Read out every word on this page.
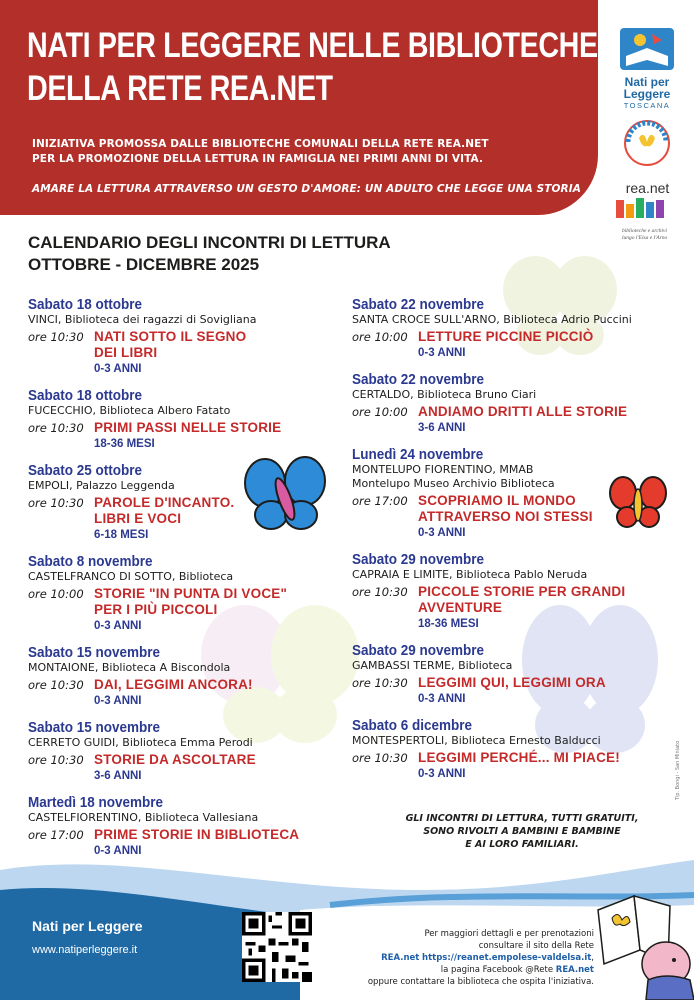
NATI PER LEGGERE NELLE BIBLIOTECHE
DELLA RETE REA.NET
INIZIATIVA PROMOSSA DALLE BIBLIOTECHE COMUNALI DELLA RETE REA.NET
PER LA PROMOZIONE DELLA LETTURA IN FAMIGLIA NEI PRIMI ANNI DI VITA.
AMARE LA LETTURA ATTRAVERSO UN GESTO D'AMORE: UN ADULTO CHE LEGGE UNA STORIA
Nati per
Leggere
TOSCANA
rea.net
biblioteche e archivi
lungo l'Elsa e l'Arno
CALENDARIO DEGLI INCONTRI DI LETTURA
OTTOBRE - DICEMBRE 2025
Sabato 18 ottobre
VINCI, Biblioteca dei ragazzi di Sovigliana
ore 10:30 NATI SOTTO IL SEGNO
DEI LIBRI
0-3 ANNI
Sabato 18 ottobre
FUCECCHIO, Biblioteca Albero Fatato
ore 10:30 PRIMI PASSI NELLE STORIE
18-36 MESI
Sabato 25 ottobre
EMPOLI, Palazzo Leggenda
ore 10:30 PAROLE D'INCANTO.
LIBRI E VOCI
6-18 MESI
Sabato 8 novembre
CASTELFRANCO DI SOTTO, Biblioteca
ore 10:00 STORIE "IN PUNTA DI VOCE"
PER I PIÙ PICCOLI
0-3 ANNI
Sabato 15 novembre
MONTAIONE, Biblioteca A Biscondola
ore 10:30 DAI, LEGGIMI ANCORA!
0-3 ANNI
Sabato 15 novembre
CERRETO GUIDI, Biblioteca Emma Perodi
ore 10:30 STORIE DA ASCOLTARE
3-6 ANNI
Martedì 18 novembre
CASTELFIORENTINO, Biblioteca Vallesiana
ore 17:00 PRIME STORIE IN BIBLIOTECA
0-3 ANNI
Sabato 22 novembre
SANTA CROCE SULL'ARNO, Biblioteca Adrio Puccini
ore 10:00 LETTURE PICCINE PICCIÒ
0-3 ANNI
Sabato 22 novembre
CERTALDO, Biblioteca Bruno Ciari
ore 10:00 ANDIAMO DRITTI ALLE STORIE
3-6 ANNI
Lunedì 24 novembre
MONTELUPO FIORENTINO, MMAB
Montelupo Museo Archivio Biblioteca
ore 17:00 SCOPRIAMO IL MONDO
ATTRAVERSO NOI STESSI
0-3 ANNI
Sabato 29 novembre
CAPRAIA E LIMITE, Biblioteca Pablo Neruda
ore 10:30 PICCOLE STORIE PER GRANDI
AVVENTURE
18-36 MESI
Sabato 29 novembre
GAMBASSI TERME, Biblioteca
ore 10:30 LEGGIMI QUI, LEGGIMI ORA
0-3 ANNI
Sabato 6 dicembre
MONTESPERTOLI, Biblioteca Ernesto Balducci
ore 10:30 LEGGIMI PERCHÉ... MI PIACE!
0-3 ANNI
GLI INCONTRI DI LETTURA, TUTTI GRATUITI,
SONO RIVOLTI A BAMBINI E BAMBINE
E AI LORO FAMILIARI.
Tip. Bongi - San Miniato
Nati per Leggere
www.natiperleggere.it
Per maggiori dettagli e per prenotazioni
consultare il sito della Rete
REA.net https://reanet.empolese-valdelsa.it,
la pagina Facebook @Rete REA.net
oppure contattare la biblioteca che ospita l'iniziativa.
